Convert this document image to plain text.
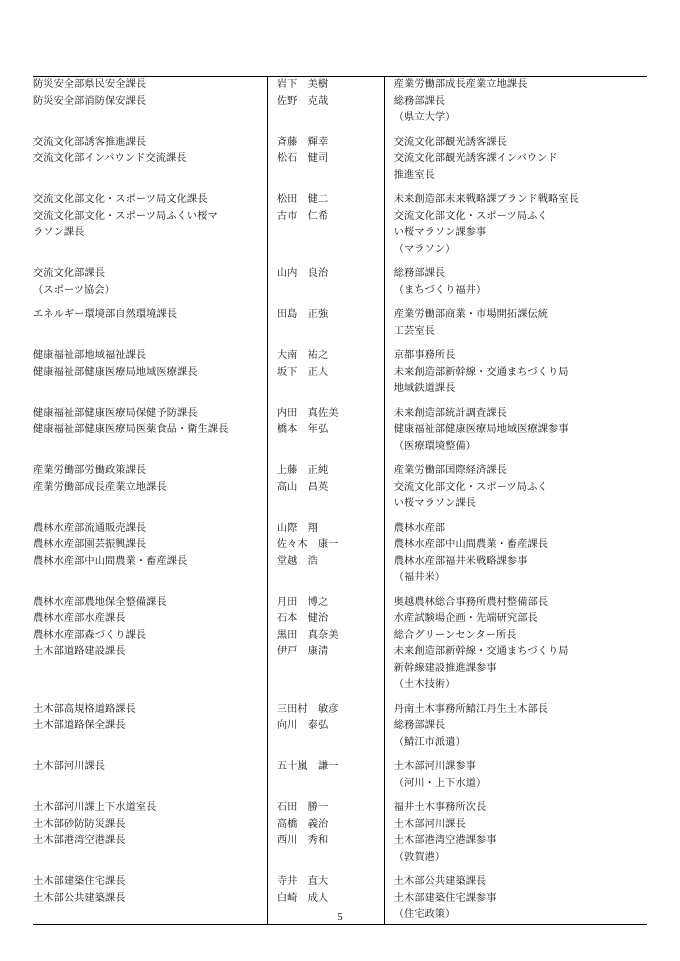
防災安全部県民安全課長	岩下　美樹	産業労働部成長産業立地課長

防災安全部消防保安課長	佐野　克哉	総務部課長
（県立大学）

交流文化部誘客推進課長	斉藤　輝幸	交流文化部観光誘客課長

交流文化部インバウンド交流課長	松石　健司	交流文化部観光誘客課インバウンド
推進室長

交流文化部文化・スポーツ局文化課長	松田　健二	未来創造部未来戦略課ブランド戦略室長

交流文化部文化・スポーツ局ふくい桜マ
ラソン課長	古市　仁希	交流文化部文化・スポーツ局ふく
い桜マラソン課参事
（マラソン）

交流文化部課長
（スポーツ協会）	山内　良治	総務部課長
（まちづくり福井）

エネルギー環境部自然環境課長	田島　正強	産業労働部商業・市場開拓課伝統
工芸室長

健康福祉部地域福祉課長	大南　祐之	京都事務所長

健康福祉部健康医療局地域医療課長	坂下　正人	未来創造部新幹線・交通まちづくり局
地域鉄道課長

健康福祉部健康医療局保健予防課長	内田　真佐美	未来創造部統計調査課長

健康福祉部健康医療局医薬食品・衛生課長	橋本　年弘	健康福祉部健康医療局地域医療課参事
（医療環境整備）

産業労働部労働政策課長	上藤　正純	産業労働部国際経済課長

産業労働部成長産業立地課長	高山　昌英	交流文化部文化・スポーツ局ふく
い桜マラソン課長

農林水産部流通販売課長	山際　翔	農林水産部

農林水産部園芸振興課長	佐々木　康一	農林水産部中山間農業・畜産課長

農林水産部中山間農業・畜産課長	堂越　浩	農林水産部福井米戦略課参事
（福井米）

農林水産部農地保全整備課長	月田　博之	奥越農林総合事務所農村整備部長

農林水産部水産課長	石本　健治	水産試験場企画・先端研究部長

農林水産部森づくり課長	黒田　真奈美	総合グリーンセンター所長

土木部道路建設課長	伊戸　康清	未来創造部新幹線・交通まちづくり局
新幹線建設推進課参事
（土木技術）

土木部高規格道路課長	三田村　敏彦	丹南土木事務所鯖江丹生土木部長

土木部道路保全課長	向川　泰弘	総務部課長
（鯖江市派遣）

土木部河川課長	五十嵐　謙一	土木部河川課参事
（河川・上下水道）

土木部河川課上下水道室長	石田　勝一	福井土木事務所次長

土木部砂防防災課長	高橋　義治	土木部河川課長

土木部港湾空港課長	西川　秀和	土木部港湾空港課参事
（敦賀港）

土木部建築住宅課長	寺井　直大	土木部公共建築課長

土木部公共建築課長	白崎　成人	土木部建築住宅課参事
（住宅政策）
5
